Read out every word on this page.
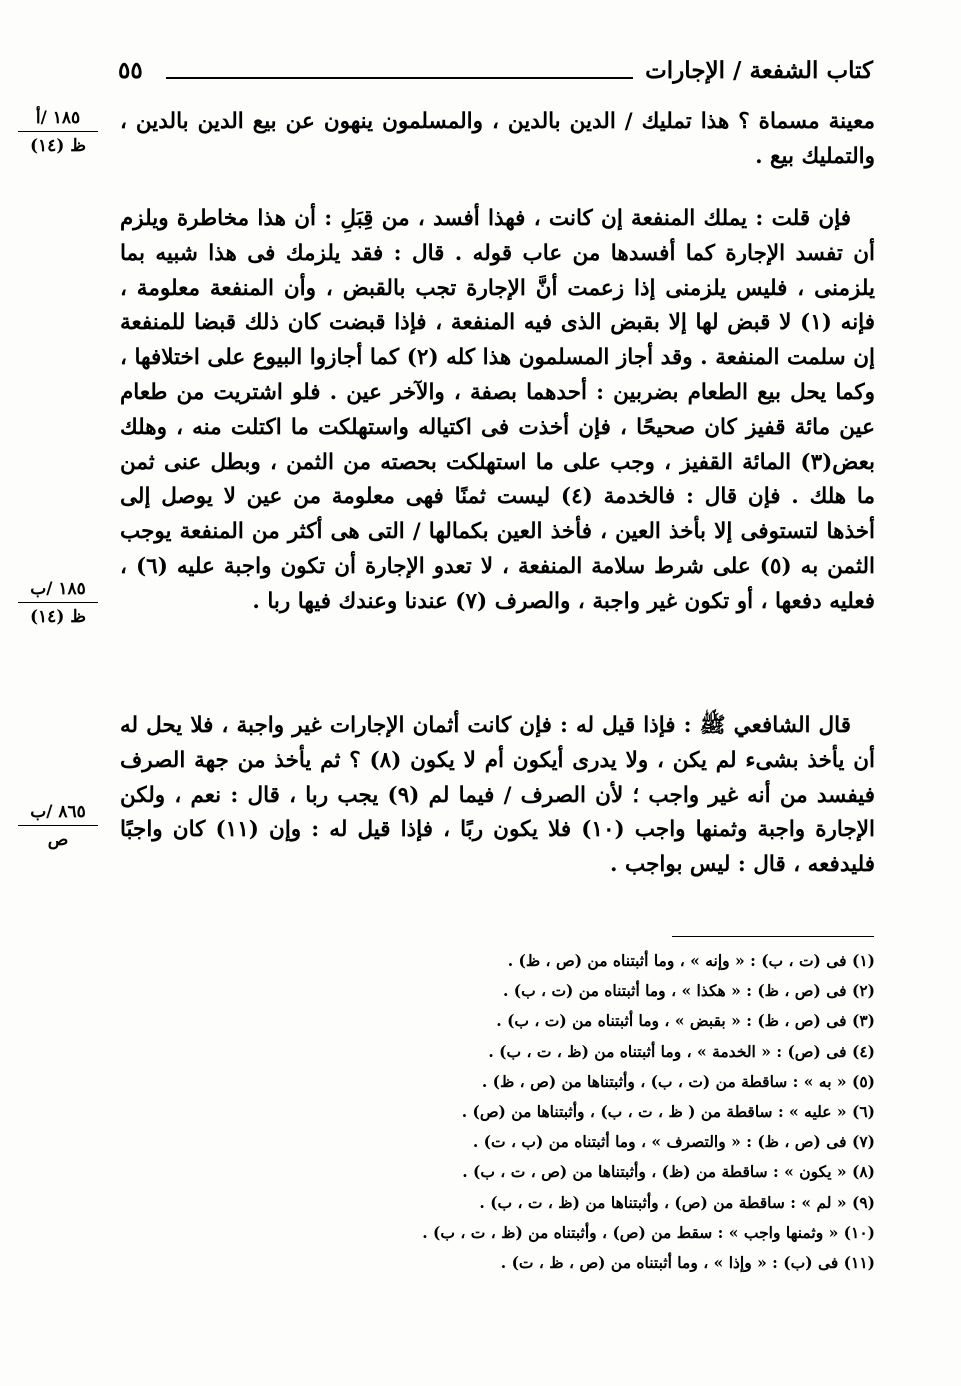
٥٥	كتاب الشفعة / الإجارات
١٨٥ /أ
ظ (١٤)
١٨٥ /ب
ظ (١٤)
٨٦٥ /ب
ص

معينة مسماة ؟ هذا تمليك / الدين بالدين ، والمسلمون ينهون عن بيع الدين بالدين ، والتمليك بيع .

فإن قلت : يملك المنفعة إن كانت ، فهذا أفسد ، من قِبَلِ : أن هذا مخاطرة ويلزم أن تفسد الإجارة كما أفسدها من عاب قوله . قال : فقد يلزمك فى هذا شبيه بما يلزمنى ، فليس يلزمنى إذا زعمت أنَّ الإجارة تجب بالقبض ، وأن المنفعة معلومة ، فإنه (١) لا قبض لها إلا بقبض الذى فيه المنفعة ، فإذا قبضت كان ذلك قبضا للمنفعة إن سلمت المنفعة . وقد أجاز المسلمون هذا كله (٢) كما أجازوا البيوع على اختلافها ، وكما يحل بيع الطعام بضربين : أحدهما بصفة ، والآخر عين . فلو اشتريت من طعام عين مائة قفيز كان صحيحًا ، فإن أخذت فى اكتياله واستهلكت ما اكتلت منه ، وهلك بعض(٣) المائة القفيز ، وجب على ما استهلكت بحصته من الثمن ، وبطل عنى ثمن ما هلك . فإن قال : فالخدمة (٤) ليست ثمنًا فهى معلومة من عين لا يوصل إلى أخذها لتستوفى إلا بأخذ العين ، فأخذ العين بكمالها / التى هى أكثر من المنفعة يوجب الثمن به (٥) على شرط سلامة المنفعة ، لا تعدو الإجارة أن تكون واجبة عليه (٦) ، فعليه دفعها ، أو تكون غير واجبة ، والصرف (٧) عندنا وعندك فيها ربا .

قال الشافعي ﷺ : فإذا قيل له : فإن كانت أثمان الإجارات غير واجبة ، فلا يحل له أن يأخذ بشىء لم يكن ، ولا يدرى أيكون أم لا يكون (٨) ؟ ثم يأخذ من جهة الصرف فيفسد من أنه غير واجب ؛ لأن الصرف / فيما لم (٩) يجب ربا ، قال : نعم ، ولكن الإجارة واجبة وثمنها واجب (١٠) فلا يكون ربًا ، فإذا قيل له : وإن (١١) كان واجبًا فليدفعه ، قال : ليس بواجب .

(١) فى (ت ، ب) : « وإنه » ، وما أثبتناه من (ص ، ظ) .
(٢) فى (ص ، ظ) : « هكذا » ، وما أثبتناه من (ت ، ب) .
(٣) فى (ص ، ظ) : « بقبض » ، وما أثبتناه من (ت ، ب) .
(٤) فى (ص) : « الخدمة » ، وما أثبتناه من (ظ ، ت ، ب) .
(٥) « به » : ساقطة من (ت ، ب) ، وأثبتناها من (ص ، ظ) .
(٦) « عليه » : ساقطة من ( ظ ، ت ، ب) ، وأثبتناها من (ص) .
(٧) فى (ص ، ظ) : « والتصرف » ، وما أثبتناه من (ب ، ت) .
(٨) « يكون » : ساقطة من (ظ) ، وأثبتناها من (ص ، ت ، ب) .
(٩) « لم » : ساقطة من (ص) ، وأثبتناها من (ظ ، ت ، ب) .
(١٠) « وثمنها واجب » : سقط من (ص) ، وأثبتناه من (ظ ، ت ، ب) .
(١١) فى (ب) : « وإذا » ، وما أثبتناه من (ص ، ظ ، ت) .
